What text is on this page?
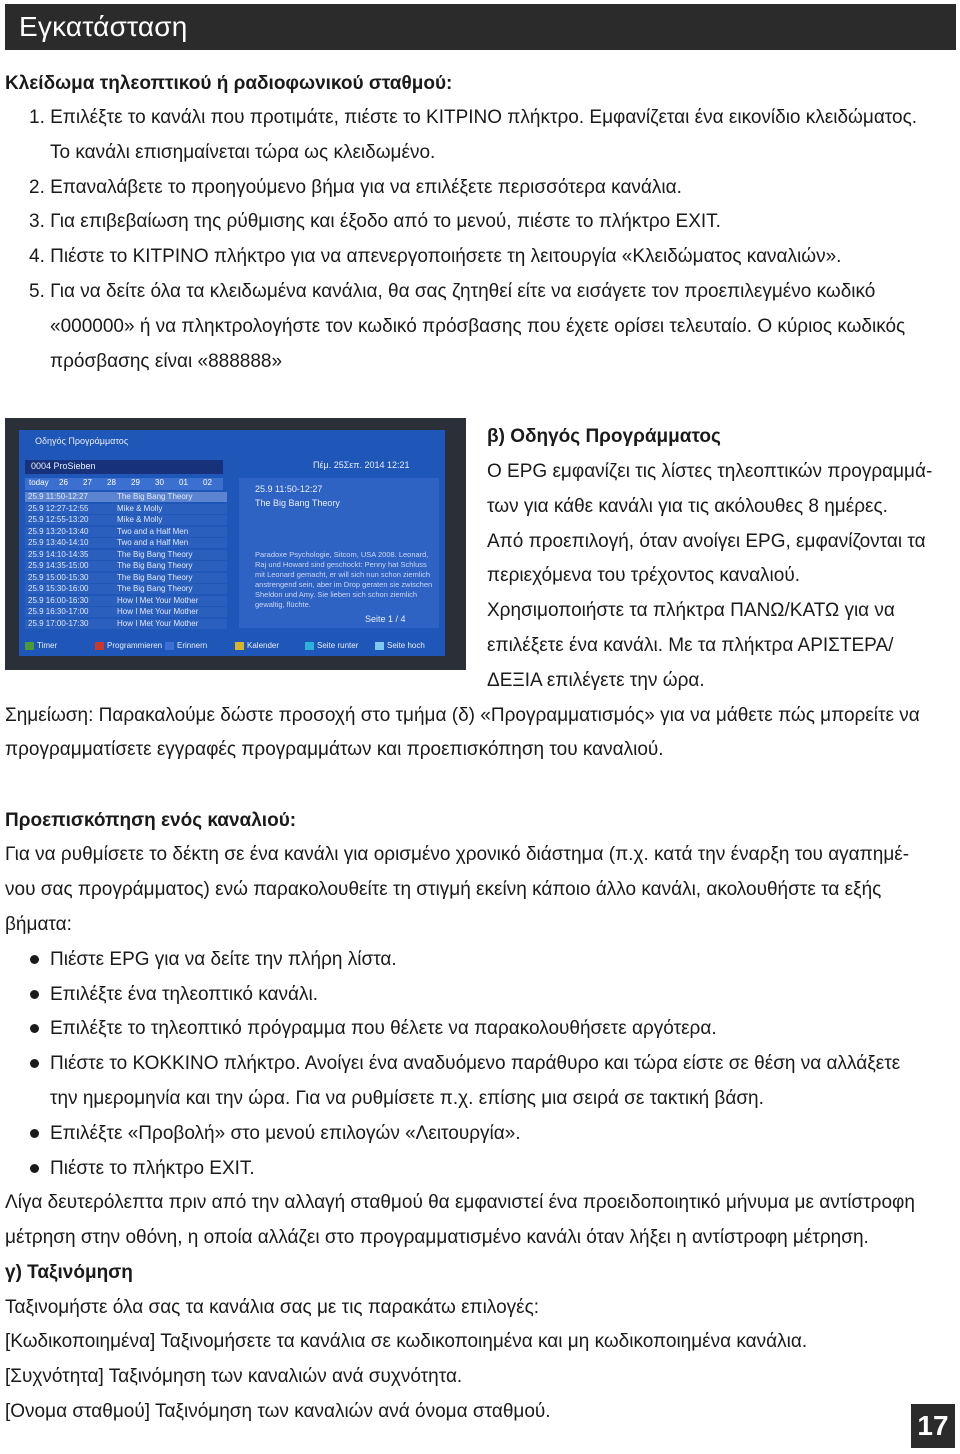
Εγκατάσταση
Κλείδωμα τηλεοπτικού ή ραδιοφωνικού σταθμού:
1. Επιλέξτε το κανάλι που προτιμάτε, πιέστε το ΚΙΤΡΙΝΟ πλήκτρο. Εμφανίζεται ένα εικονίδιο κλειδώματος.
Το κανάλι επισημαίνεται τώρα ως κλειδωμένο.
2. Επαναλάβετε το προηγούμενο βήμα για να επιλέξετε περισσότερα κανάλια.
3. Για επιβεβαίωση της ρύθμισης και έξοδο από το μενού, πιέστε το πλήκτρο EXIT.
4. Πιέστε το ΚΙΤΡΙΝΟ πλήκτρο για να απενεργοποιήσετε τη λειτουργία «Κλειδώματος καναλιών».
5. Για να δείτε όλα τα κλειδωμένα κανάλια, θα σας ζητηθεί είτε να εισάγετε τον προεπιλεγμένο κωδικό
«000000» ή να πληκτρολογήστε τον κωδικό πρόσβασης που έχετε ορίσει τελευταίο. Ο κύριος κωδικός
πρόσβασης είναι «888888»
Οδηγός Προγράμματος
0004 ProSieben	Πέμ. 25Σεπ. 2014 12:21
today 26 27 28 29 30 01 02
25.9 11:50-12:27	The Big Bang Theory
25.9 12:27-12:55	Mike & Molly
25.9 12:55-13:20	Mike & Molly
25.9 13:20-13:40	Two and a Half Men
25.9 13:40-14:10	Two and a Half Men
25.9 14:10-14:35	The Big Bang Theory
25.9 14:35-15:00	The Big Bang Theory
25.9 15:00-15:30	The Big Bang Theory
25.9 15:30-16:00	The Big Bang Theory
25.9 16:00-16:30	How I Met Your Mother
25.9 16:30-17:00	How I Met Your Mother
25.9 17:00-17:30	How I Met Your Mother
25.9 11:50-12:27
The Big Bang Theory
Paradoxe Psychologie, Sitcom, USA 2008. Leonard, Raj und Howard sind geschockt: Penny hat Schluss mit Leonard gemacht, er will sich nun schon ziemlich anstrengend sein, aber im Drop geraten sie zwischen Sheldon und Amy. Sie lieben sich schon ziemlich gewaltig, flüchte.
Seite 1 / 4
Timer	Programmieren Erinnern	Kalender	Seite runter	Seite hoch
β) Οδηγός Προγράμματος
Ο EPG εμφανίζει τις λίστες τηλεοπτικών προγραμμά-
των για κάθε κανάλι για τις ακόλουθες 8 ημέρες.
Από προεπιλογή, όταν ανοίγει EPG, εμφανίζονται τα
περιεχόμενα του τρέχοντος καναλιού.
Χρησιμοποιήστε τα πλήκτρα ΠΑΝΩ/ΚΑΤΩ για να
επιλέξετε ένα κανάλι. Με τα πλήκτρα ΑΡΙΣΤΕΡΑ/
ΔΕΞΙΑ επιλέγετε την ώρα.
Σημείωση: Παρακαλούμε δώστε προσοχή στο τμήμα (δ) «Προγραμματισμός» για να μάθετε πώς μπορείτε να
προγραμματίσετε εγγραφές προγραμμάτων και προεπισκόπηση του καναλιού.
Προεπισκόπηση ενός καναλιού:
Για να ρυθμίσετε το δέκτη σε ένα κανάλι για ορισμένο χρονικό διάστημα (π.χ. κατά την έναρξη του αγαπημέ-
νου σας προγράμματος) ενώ παρακολουθείτε τη στιγμή εκείνη κάποιο άλλο κανάλι, ακολουθήστε τα εξής
βήματα:
Πιέστε EPG για να δείτε την πλήρη λίστα.
Επιλέξτε ένα τηλεοπτικό κανάλι.
Επιλέξτε το τηλεοπτικό πρόγραμμα που θέλετε να παρακολουθήσετε αργότερα.
Πιέστε το ΚΟΚΚΙΝΟ πλήκτρο. Ανοίγει ένα αναδυόμενο παράθυρο και τώρα είστε σε θέση να αλλάξετε
την ημερομηνία και την ώρα. Για να ρυθμίσετε π.χ. επίσης μια σειρά σε τακτική βάση.
Επιλέξτε «Προβολή» στο μενού επιλογών «Λειτουργία».
Πιέστε το πλήκτρο EXIT.
Λίγα δευτερόλεπτα πριν από την αλλαγή σταθμού θα εμφανιστεί ένα προειδοποιητικό μήνυμα με αντίστροφη
μέτρηση στην οθόνη, η οποία αλλάζει στο προγραμματισμένο κανάλι όταν λήξει η αντίστροφη μέτρηση.
γ) Ταξινόμηση
Ταξινομήστε όλα σας τα κανάλια σας με τις παρακάτω επιλογές:
[Κωδικοποιημένα] Ταξινομήσετε τα κανάλια σε κωδικοποιημένα και μη κωδικοποιημένα κανάλια.
[Συχνότητα] Ταξινόμηση των καναλιών ανά συχνότητα.
[Ονομα σταθμού] Ταξινόμηση των καναλιών ανά όνομα σταθμού.	17
